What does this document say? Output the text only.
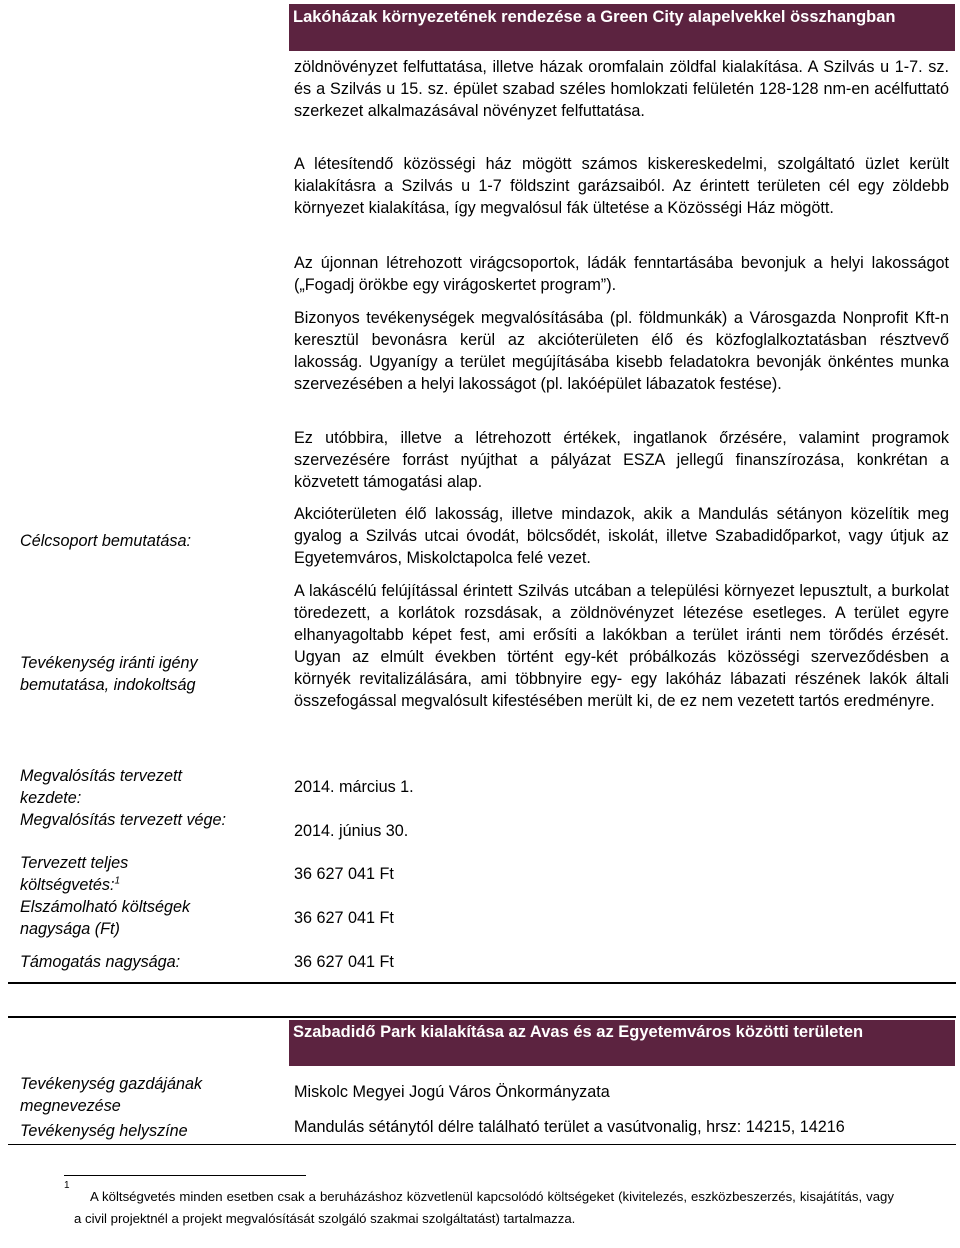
Lakóházak környezetének rendezése a Green City alapelvekkel összhangban
zöldnövényzet felfuttatása, illetve házak oromfalain zöldfal kialakítása. A Szilvás u 1-7. sz. és a Szilvás u 15. sz. épület szabad széles homlokzati felületén 128-128 nm-en acélfuttató szerkezet alkalmazásával növényzet felfuttatása.
A létesítendő közösségi ház mögött számos kiskereskedelmi, szolgáltató üzlet került kialakításra a Szilvás u 1-7 földszint garázsaiból. Az érintett területen cél egy zöldebb környezet kialakítása, így megvalósul fák ültetése a Közösségi Ház mögött.
Az újonnan létrehozott virágcsoportok, ládák fenntartásába bevonjuk a helyi lakosságot („Fogadj örökbe egy virágoskertet program”).
Bizonyos tevékenységek megvalósításába (pl. földmunkák) a Városgazda Nonprofit Kft-n keresztül bevonásra kerül az akcióterületen élő és közfoglalkoztatásban résztvevő lakosság. Ugyanígy a terület megújításába kisebb feladatokra bevonják önkéntes munka szervezésében a helyi lakosságot (pl. lakóépület lábazatok festése).
Ez utóbbira, illetve a létrehozott értékek, ingatlanok őrzésére, valamint programok szervezésére forrást nyújthat a pályázat ESZA jellegű finanszírozása, konkrétan a közvetett támogatási alap.
Akcióterületen élő lakosság, illetve mindazok, akik a Mandulás sétányon közelítik meg gyalog a Szilvás utcai óvodát, bölcsődét, iskolát, illetve Szabadidőparkot, vagy útjuk az Egyetemváros, Miskolctapolca felé vezet.
A lakáscélú felújítással érintett Szilvás utcában a települési környezet lepusztult, a burkolat töredezett, a korlátok rozsdásak, a zöldnövényzet létezése esetleges. A terület egyre elhanyagoltabb képet fest, ami erősíti a lakókban a terület iránti nem törődés érzését. Ugyan az elmúlt években történt egy-két próbálkozás közösségi szerveződésben a környék revitalizálására, ami többnyire egy- egy lakóház lábazati részének lakók általi összefogással megvalósult kifestésében merült ki, de ez nem vezetett tartós eredményre.
Célcsoport bemutatása:
Tevékenység iránti igény bemutatása, indokoltság
Megvalósítás tervezett kezdete:
Megvalósítás tervezett vége:
Tervezett teljes költségvetés:$^1$
Elszámolható költségek nagysága (Ft)
Támogatás nagysága:
2014. március 1.
2014. június 30.
36 627 041 Ft
36 627 041 Ft
36 627 041 Ft
Szabadidő Park kialakítása az Avas és az Egyetemváros közötti területen
Tevékenység gazdájának megnevezése
Tevékenység helyszíne
Miskolc Megyei Jogú Város Önkormányzata
Mandulás sétánytól délre található terület a vasútvonalig, hrsz: 14215, 14216
1
A költségvetés minden esetben csak a beruházáshoz közvetlenül kapcsolódó költségeket (kivitelezés, eszközbeszerzés, kisajátítás, vagy a civil projektnél a projekt megvalósítását szolgáló szakmai szolgáltatást) tartalmazza.
